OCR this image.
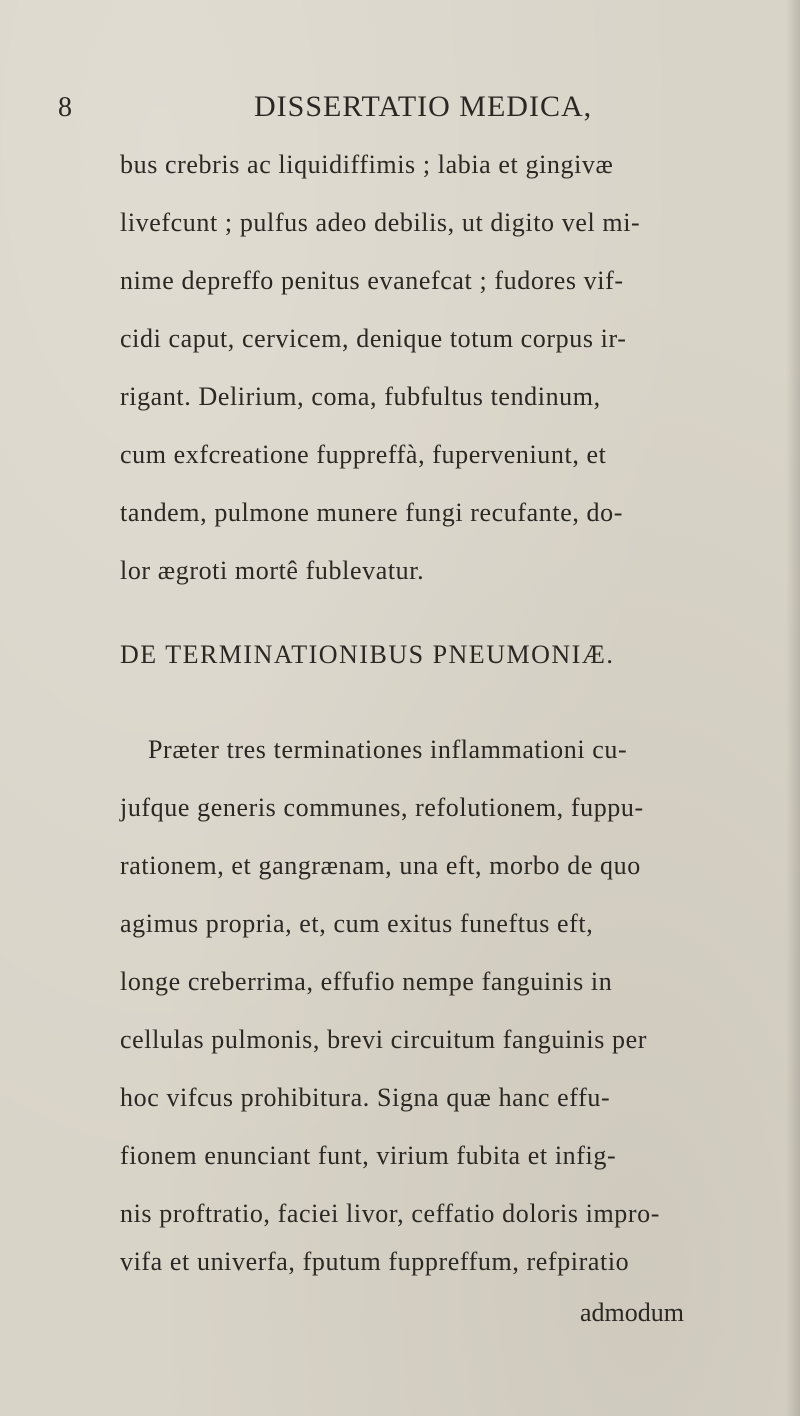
8	DISSERTATIO MEDICA,
bus crebris ac liquidiffimis ; labia et gingivæ
livefcunt ; pulfus adeo debilis, ut digito vel mi-
nime depreffo penitus evanefcat ; fudores vif-
cidi caput, cervicem, denique totum corpus ir-
rigant. Delirium, coma, fubfultus tendinum,
cum exfcreatione fuppreffà, fuperveniunt, et
tandem, pulmone munere fungi recufante, do-
lor ægroti mortê fublevatur.
DE TERMINATIONIBUS PNEUMONIÆ.
Præter tres terminationes inflammationi cu-
jufque generis communes, refolutionem, fuppu-
rationem, et gangrænam, una eft, morbo de quo
agimus propria, et, cum exitus funeftus eft,
longe creberrima, effufio nempe fanguinis in
cellulas pulmonis, brevi circuitum fanguinis per
hoc vifcus prohibitura. Signa quæ hanc effu-
fionem enunciant funt, virium fubita et infig-
nis proftratio, faciei livor, ceffatio doloris impro-
vifa et univerfa, fputum fuppreffum, refpiratio
admodum
